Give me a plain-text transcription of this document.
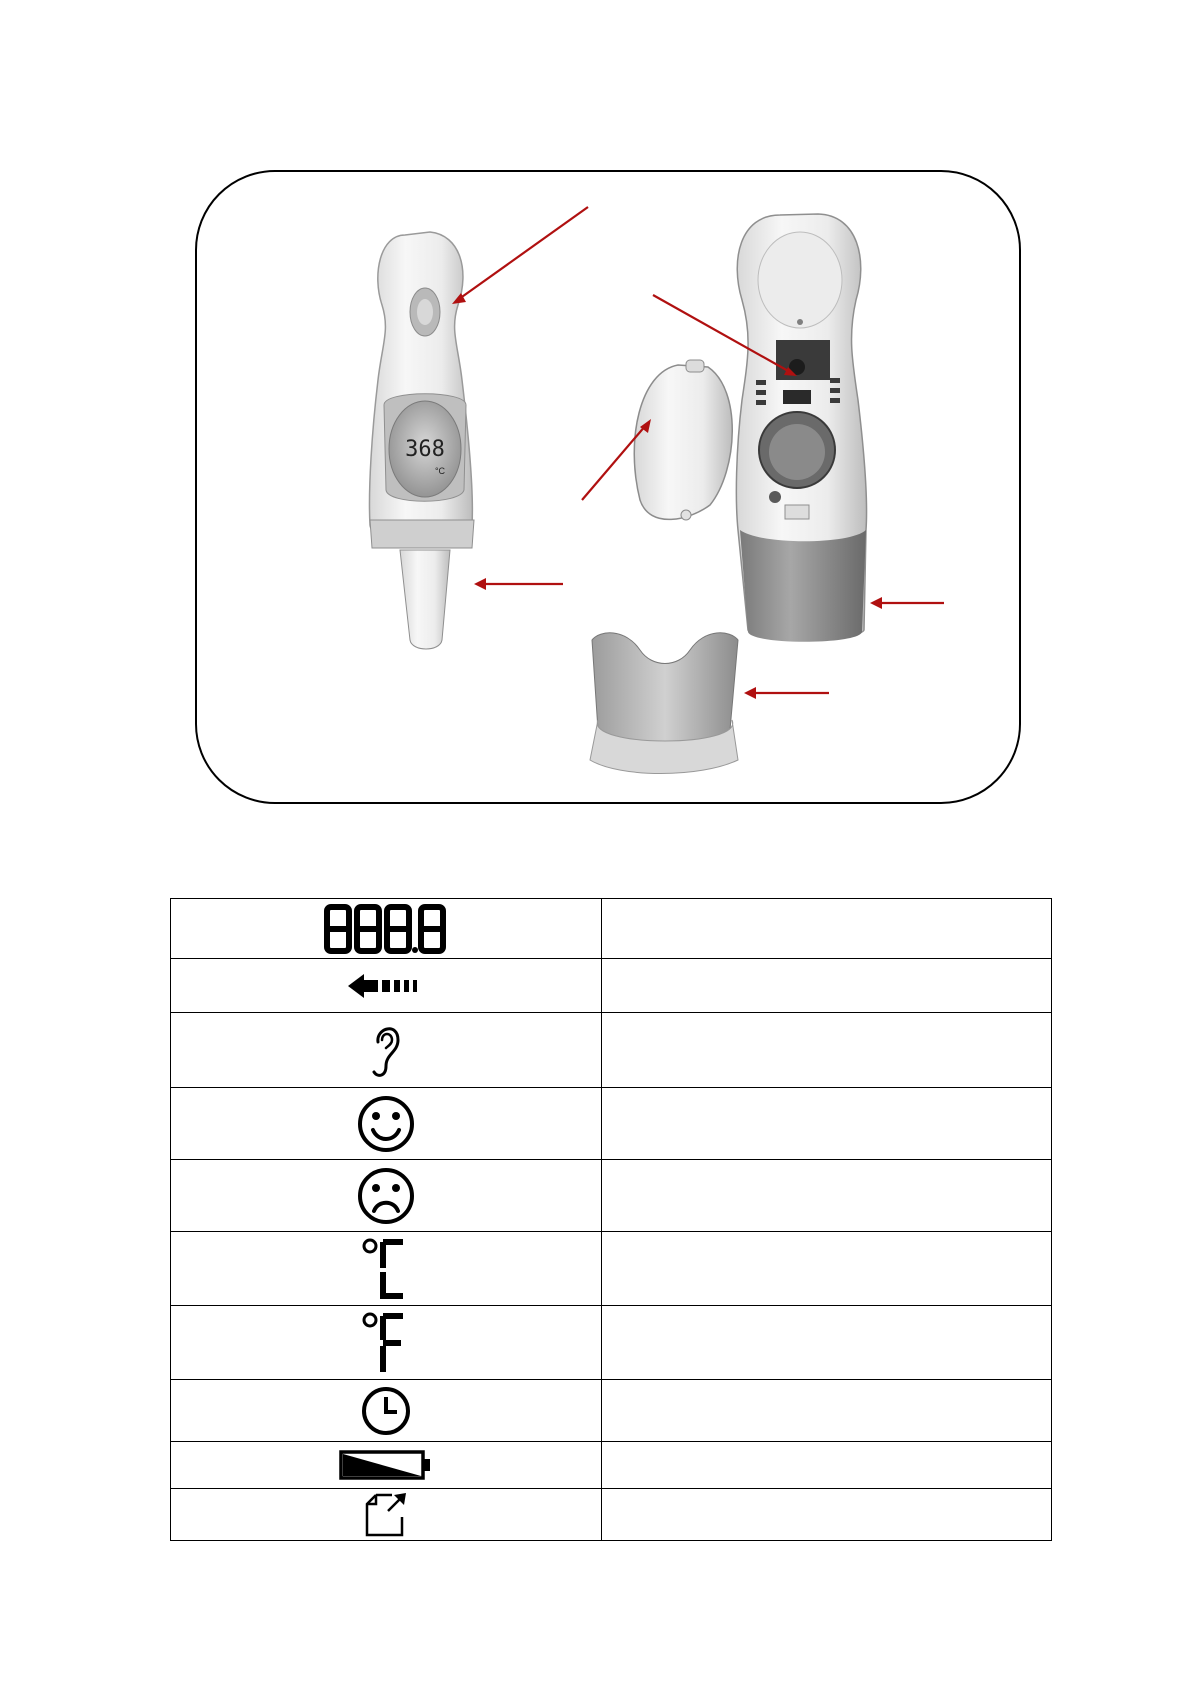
368
°C
